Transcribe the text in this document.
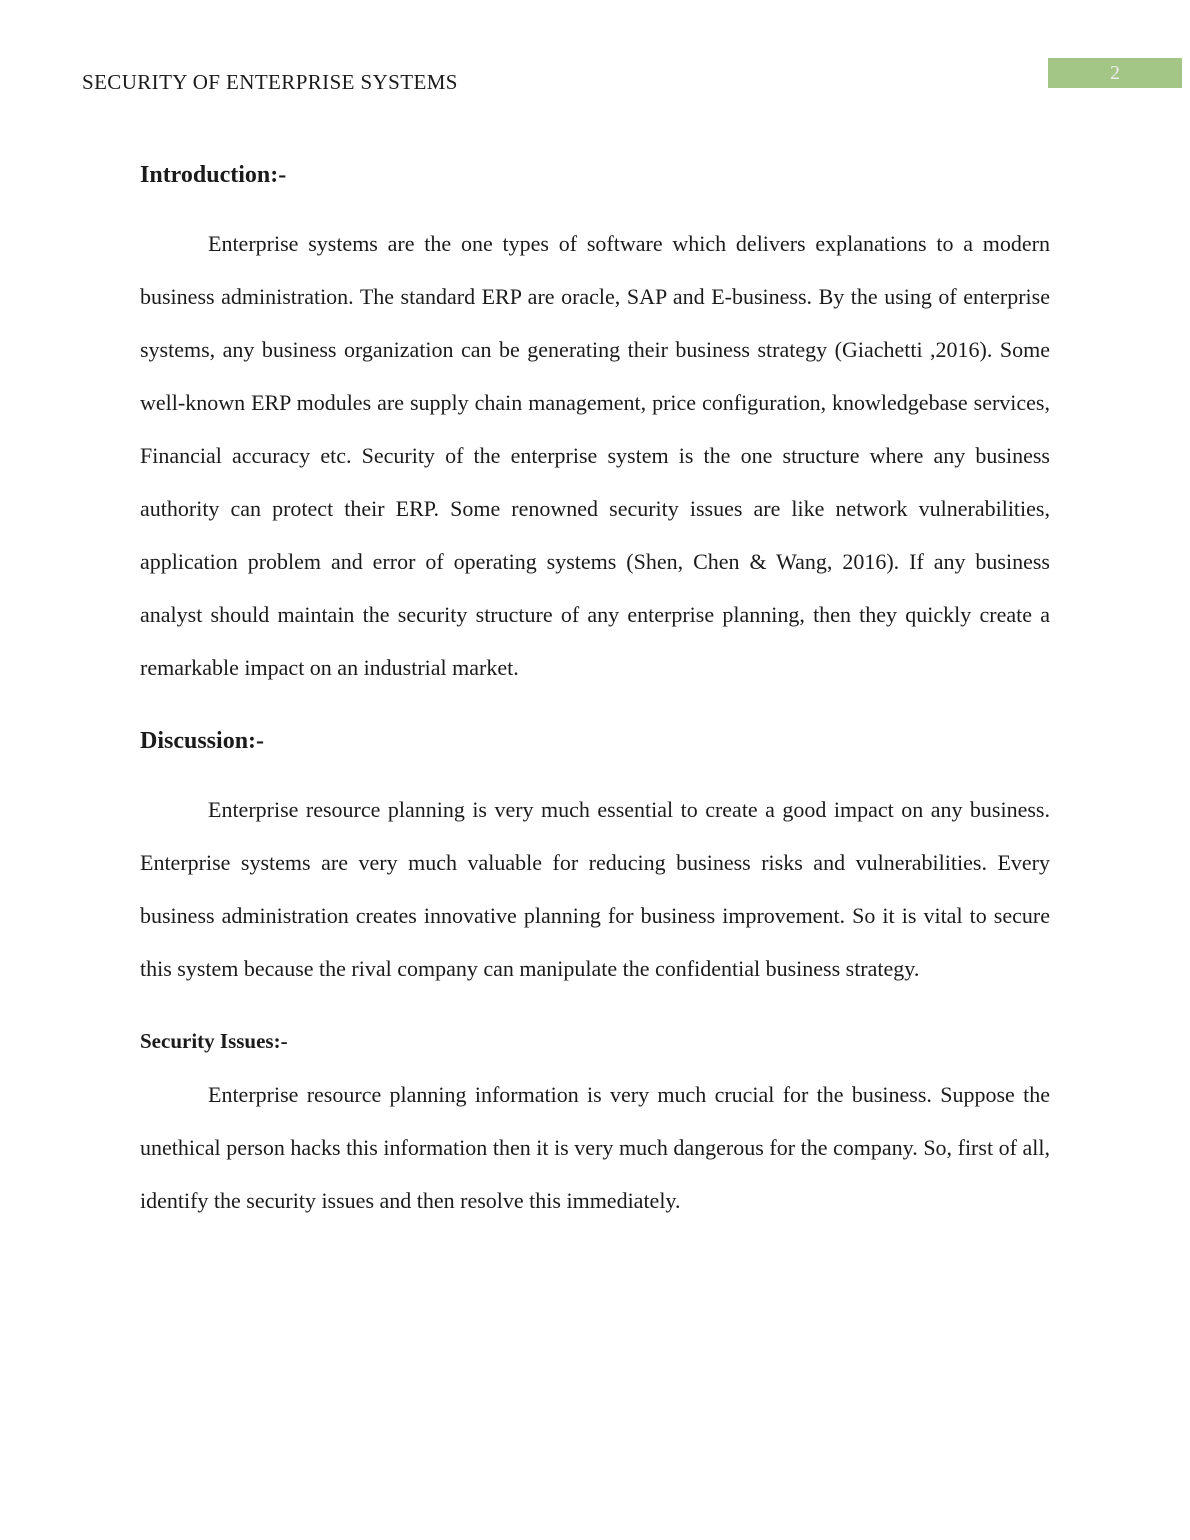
SECURITY OF ENTERPRISE SYSTEMS	2
Introduction:-

Enterprise systems are the one types of software which delivers explanations to a modern business administration. The standard ERP are oracle, SAP and E-business. By the using of enterprise systems, any business organization can be generating their business strategy (Giachetti ,2016). Some well-known ERP modules are supply chain management, price configuration, knowledgebase services, Financial accuracy etc. Security of the enterprise system is the one structure where any business authority can protect their ERP. Some renowned security issues are like network vulnerabilities, application problem and error of operating systems (Shen, Chen & Wang, 2016). If any business analyst should maintain the security structure of any enterprise planning, then they quickly create a remarkable impact on an industrial market.

Discussion:-

Enterprise resource planning is very much essential to create a good impact on any business. Enterprise systems are very much valuable for reducing business risks and vulnerabilities. Every business administration creates innovative planning for business improvement. So it is vital to secure this system because the rival company can manipulate the confidential business strategy.

Security Issues:-

Enterprise resource planning information is very much crucial for the business. Suppose the unethical person hacks this information then it is very much dangerous for the company. So, first of all, identify the security issues and then resolve this immediately.
